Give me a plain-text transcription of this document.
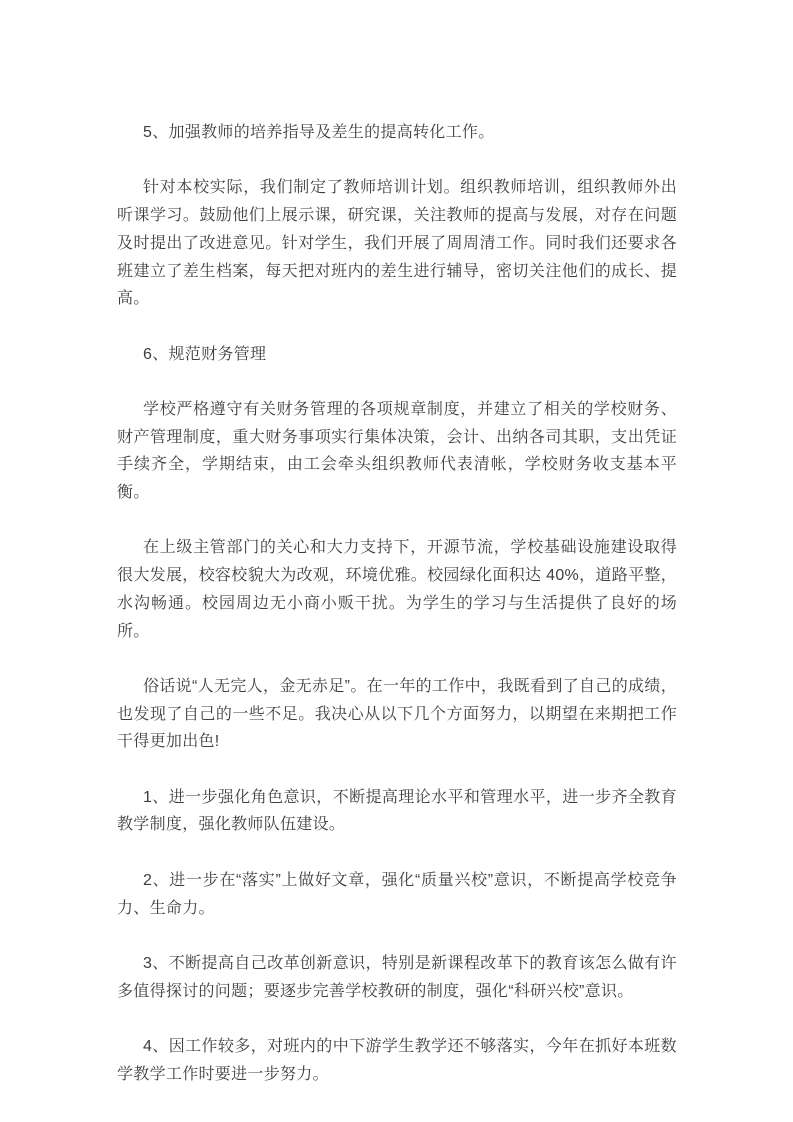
5、加强教师的培养指导及差生的提高转化工作。

针对本校实际，我们制定了教师培训计划。组织教师培训，组织教师外出听课学习。鼓励他们上展示课，研究课，关注教师的提高与发展，对存在问题及时提出了改进意见。针对学生，我们开展了周周清工作。同时我们还要求各班建立了差生档案，每天把对班内的差生进行辅导，密切关注他们的成长、提高。

6、规范财务管理

学校严格遵守有关财务管理的各项规章制度，并建立了相关的学校财务、财产管理制度，重大财务事项实行集体决策，会计、出纳各司其职，支出凭证手续齐全，学期结束，由工会牵头组织教师代表清帐，学校财务收支基本平衡。

在上级主管部门的关心和大力支持下，开源节流，学校基础设施建设取得很大发展，校容校貌大为改观，环境优雅。校园绿化面积达 40%，道路平整，水沟畅通。校园周边无小商小贩干扰。为学生的学习与生活提供了良好的场所。

俗话说“人无完人，金无赤足”。在一年的工作中，我既看到了自己的成绩，也发现了自己的一些不足。我决心从以下几个方面努力，以期望在来期把工作干得更加出色!

1、进一步强化角色意识，不断提高理论水平和管理水平，进一步齐全教育教学制度，强化教师队伍建设。

2、进一步在“落实”上做好文章，强化“质量兴校”意识，不断提高学校竞争力、生命力。

3、不断提高自己改革创新意识，特别是新课程改革下的教育该怎么做有许多值得探讨的问题；要逐步完善学校教研的制度，强化“科研兴校”意识。

4、因工作较多，对班内的中下游学生教学还不够落实，今年在抓好本班数学教学工作时要进一步努力。
